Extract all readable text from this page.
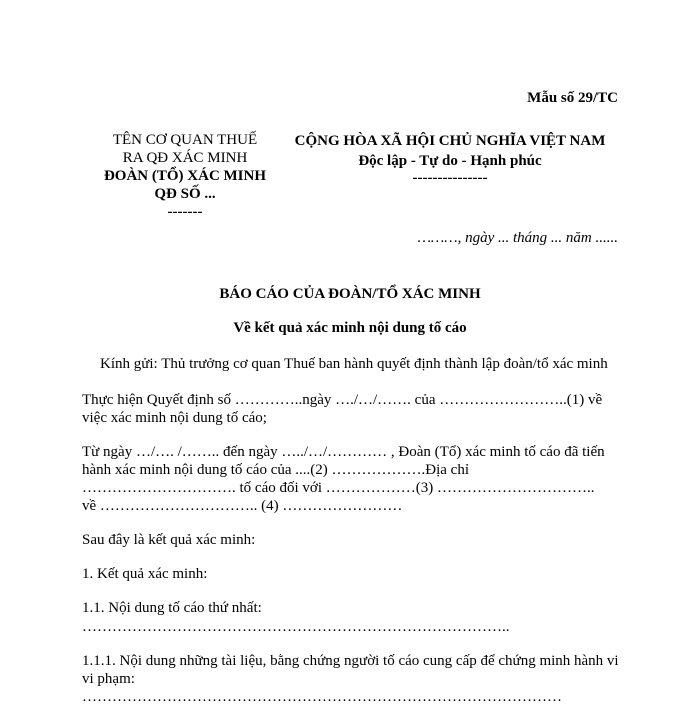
Mẫu số 29/TC
TÊN CƠ QUAN THUẾ
RA QĐ XÁC MINH
ĐOÀN (TỔ) XÁC MINH
QĐ SỐ ...
-------
CỘNG HÒA XÃ HỘI CHỦ NGHĨA VIỆT NAM
Độc lập - Tự do - Hạnh phúc
---------------
………, ngày ... tháng ... năm ......
BÁO CÁO CỦA ĐOÀN/TỔ XÁC MINH
Về kết quả xác minh nội dung tố cáo
Kính gửi: Thủ trưởng cơ quan Thuế ban hành quyết định thành lập đoàn/tổ xác minh
Thực hiện Quyết định số …………..ngày …./…/……. của ……………………..(1) về việc xác minh nội dung tố cáo;
Từ ngày …/…. /…….. đến ngày …../…/………… , Đoàn (Tổ) xác minh tố cáo đã tiến
hành xác minh nội dung tố cáo của ....(2) ……………….Địa chỉ
…………………………. tố cáo đối với ………………(3) …………………………..
về ………………………….. (4) ……………………
Sau đây là kết quả xác minh:
1. Kết quả xác minh:
1.1. Nội dung tố cáo thứ nhất:
…………………………………………………………………………..
1.1.1. Nội dung những tài liệu, bằng chứng người tố cáo cung cấp để chứng minh hành vi vi phạm:
……………………………………………………………………………………
